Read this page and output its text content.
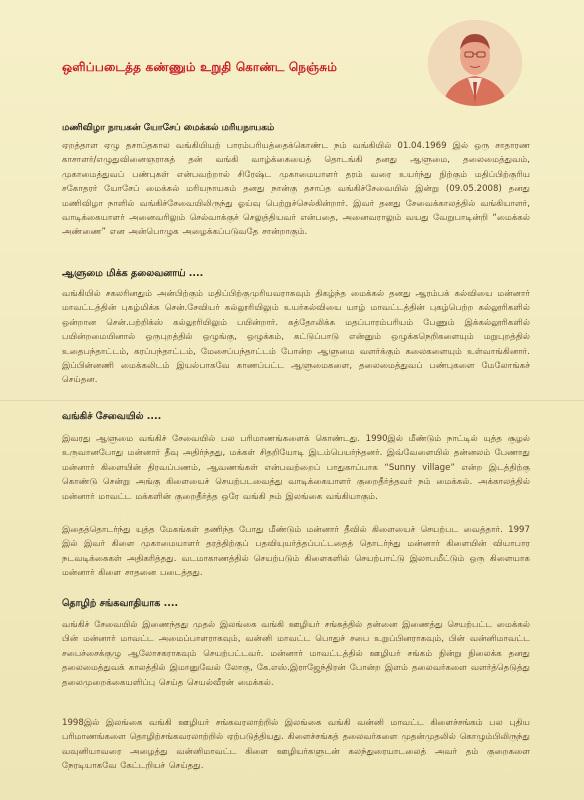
ஒளிப்படைத்த கண்ணும் உறுதி கொண்ட நெஞ்சும்
மணிவிழா நாயகன் யோசேப் மைக்கல் மரியநாயகம்

ஏறத்தாள ஏழு தசாப்தகால வங்கியியற் பாரம்பரியத்தைக்கொண்ட நம் வங்கியில் 01.04.1969 இல் ஒரு சாதாரண காசாளர்/எழுதுவினைஞராகத் தன் வங்கி வாழ்க்கையைத் தொடங்கி தனது ஆளுமை, தலைமைத்துவம், முகாமைத்துவப் பண்புகள் என்பவற்றால் சிரேஷ்ட முகாமையாளர் தரம் வரை உயர்ந்து நிற்கும் மதிப்பிற்குரிய சகோதரர் யோசேப் மைக்கல் மரியநாயகம் தனது நான்கு தசாப்த வங்கிச்சேவையில் இன்று (09.05.2008) தனது மணிவிழா நாளில் வங்கிச்சேவையிலிருந்து ஓய்வு பெற்றுச்செல்கின்றார். இவர் தனது சேவைக்காலத்தில் வங்கியாளர், வாடிக்கையாளர் அனைவரிலும் செல்வாக்குச் செலுத்தியவர் என்பதை, அனைவராலும் வயது வேறுபாடின்றி “மைக்கல் அண்ணை” என அன்பொழுக அழைக்கப்படுவதே சான்றாகும்.

ஆளுமை மிக்க தலைவனாய் ....

வங்கியில் சகலரினதும் அன்பிற்கும் மதிப்பிற்குமுரியவராகவும் திகழ்ந்த மைக்கல் தனது ஆரம்பக் கல்வியை மன்னார் மாவட்டத்தின் புகழ்மிக்க சென்.சேவியர் கல்லூரியிலும் உயர்கல்வியை யாழ் மாவட்டத்தின் புகழ்பெற்ற கல்லூரிகளில் ஒன்றான சென்.பற்றிக்ஸ் கல்லூரியிலும் பயின்றார். கத்தோலிக்க மதப்பாரம்பரியம் பேணும் இக்கல்லூரிகளில் பயின்றமையினால் ஒருபுறத்தில் ஒழுங்கு, ஒழுக்கம், கட்டுப்பாடு என்னும் ஒழுக்கநெறிகளையும் மறுபுறத்தில் உதைபந்தாட்டம், கரப்பந்தாட்டம், மேசைப்பந்தாட்டம் போன்ற ஆளுமை வளர்க்கும் கலைகளையும் உள்வாங்கினார். இப்பின்னணி மைக்கலிடம் இயல்பாகவே காணப்பட்ட ஆளுமைகளை, தலைமைத்துவப் பண்புகளை மேலோங்கச் செய்தன.

வங்கிச் சேவையில் ....

இவரது ஆளுமை வங்கிச் சேவையில் பல பரிமாணங்களைக் கொண்டது. 1990இல் மீண்டும் நாட்டில் யுத்த சூழல் உருவானபோது மன்னார் தீவு அதிர்ந்தது, மக்கள் சிதறியோடி இடம்பெயர்ந்தனர். இவ்வேளையில் தன்னலம் பேணாது மன்னார் கிளையின் திரவப்பணம், ஆவணங்கள் என்பவற்றைப் பாதுகாப்பாக “Sunny village” என்ற இடத்திற்கு கொண்டு சென்று அங்கு கிளையைச் செயற்படவைத்து வாடிக்கையாளர் குறைதீர்த்தவர் நம் மைக்கல். அக்காலத்தில் மன்னார் மாவட்ட மக்களின் குறைதீர்த்த ஒரே வங்கி நம் இலங்கை வங்கியாகும்.

இதைத்தொடர்ந்து யுத்த மேகங்கள் தணிந்த போது மீண்டும் மன்னார் தீவில் கிளையைச் செயற்பட வைத்தார். 1997 இல் இவர் கிளை முகாமையாளர் தரத்திற்குப் பதவியுயர்த்தப்பட்டதைத் தொடர்ந்து மன்னார் கிளையின் வியாபார நடவடிக்கைகள் அதிகரித்தது. வடமாகாணத்தில் செயற்படும் கிளைகளில் செயற்பாட்டு இலாபமீட்டும் ஒரு கிளையாக மன்னார் கிளை சாதனை படைத்தது.

தொழிற் சங்கவாதியாக ....

வங்கிச் சேவையில் இணைந்தது முதல் இலங்கை வங்கி ஊழியர் சங்கத்தில் தன்னை இணைத்து செயற்பட்ட மைக்கல் பின் மன்னார் மாவட்ட அமைப்பாளராகவும், வன்னி மாவட்ட பொதுச் சபை உறுப்பினராகவும், பின் வன்னிமாவட்ட சபைச்சைக்குழு ஆலோசகராகவும் செயற்பட்டவர். மன்னார் மாவட்டத்தில் ஊழியர் சங்கம் நின்று நிலைக்க தனது தலைமைத்துவக் காலத்தில் இமானுவேல் லோகு, கே.எஸ்.இராஜேந்திரன் போன்ற இளம் தலைவர்களை வளர்த்தெடுத்து தலைமுறைக்கையளிப்பு செய்த செயல்வீரன் மைக்கல்.

1998இல் இலங்கை வங்கி ஊழியர் சங்கவரலாற்றில் இலங்கை வங்கி வன்னி மாவட்ட கிளைச்சங்கம் பல புதிய பரிமாணங்களை தொழிற்சங்கவரலாற்றில் ஏற்படுத்தியது. கிளைச்சங்கத் தலைவர்களை முதன்முதலில் கொழும்பிலிருந்து வவுனியாவரை அழைத்து வன்னிமாவட்ட கிளை ஊழியர்களுடன் கலந்துரையாடலைத் அவர் தம் குறைகளை நேரடியாகவே கேட்டறியச் செய்தது.
